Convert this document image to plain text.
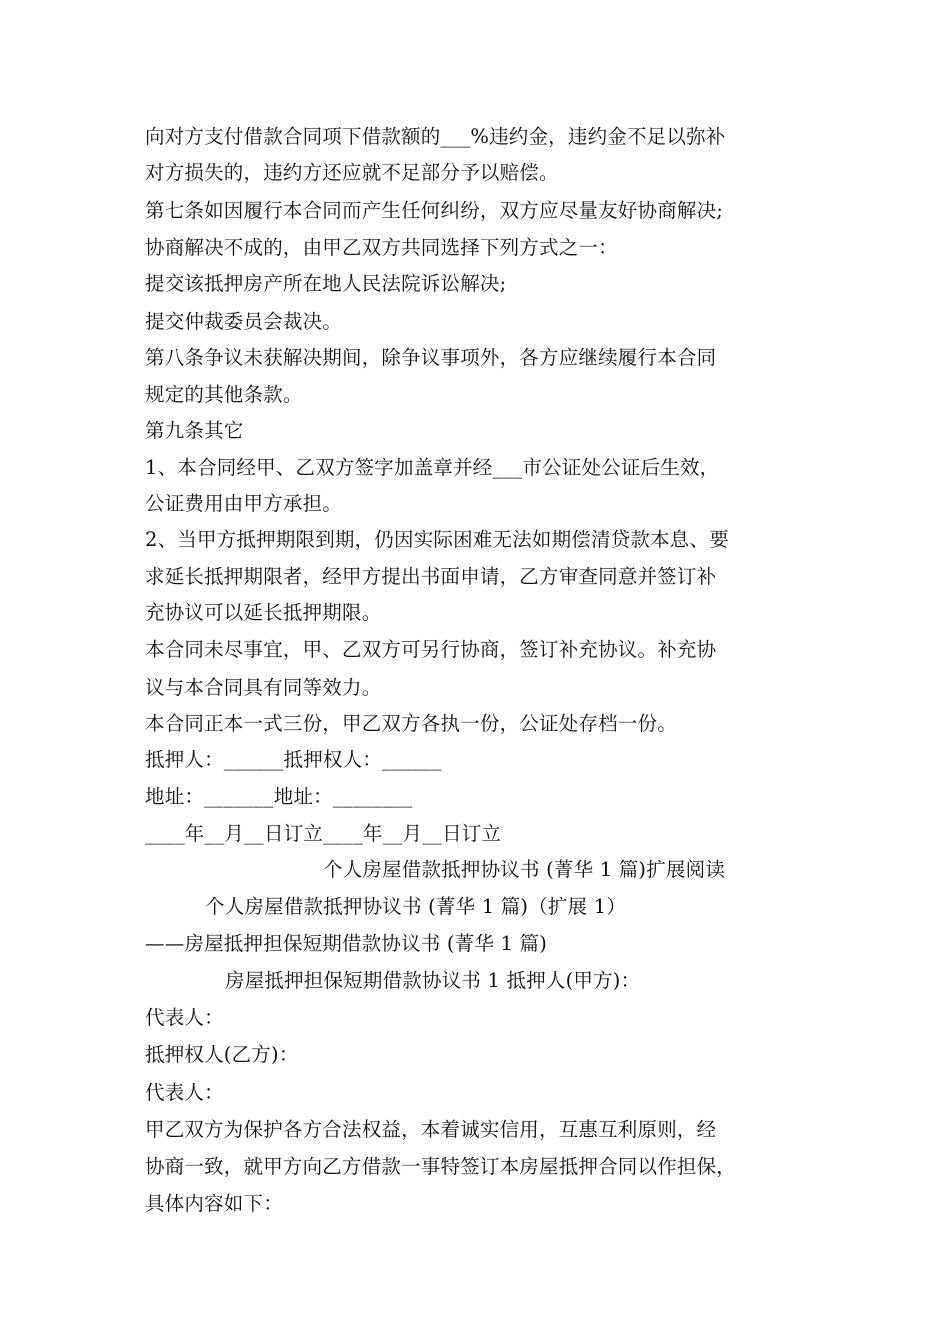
向对方支付借款合同项下借款额的___%违约金，违约金不足以弥补
对方损失的，违约方还应就不足部分予以赔偿。
第七条如因履行本合同而产生任何纠纷，双方应尽量友好协商解决;
协商解决不成的，由甲乙双方共同选择下列方式之一：
提交该抵押房产所在地人民法院诉讼解决;
提交仲裁委员会裁决。
第八条争议未获解决期间，除争议事项外，各方应继续履行本合同
规定的其他条款。
第九条其它
1、本合同经甲、乙双方签字加盖章并经___市公证处公证后生效，
公证费用由甲方承担。
2、当甲方抵押期限到期，仍因实际困难无法如期偿清贷款本息、要
求延长抵押期限者，经甲方提出书面申请，乙方审查同意并签订补
充协议可以延长抵押期限。
本合同未尽事宜，甲、乙双方可另行协商，签订补充协议。补充协
议与本合同具有同等效力。
本合同正本一式三份，甲乙双方各执一份，公证处存档一份。
抵押人：______抵押权人：______
地址：_______地址：________
____年__月__日订立____年__月__日订立
个人房屋借款抵押协议书 (菁华 1 篇)扩展阅读
个人房屋借款抵押协议书 (菁华 1 篇)（扩展 1）
——房屋抵押担保短期借款协议书 (菁华 1 篇)
房屋抵押担保短期借款协议书 1 抵押人(甲方)：
代表人：
抵押权人(乙方)：
代表人：
甲乙双方为保护各方合法权益，本着诚实信用，互惠互利原则，经
协商一致，就甲方向乙方借款一事特签订本房屋抵押合同以作担保，
具体内容如下：
